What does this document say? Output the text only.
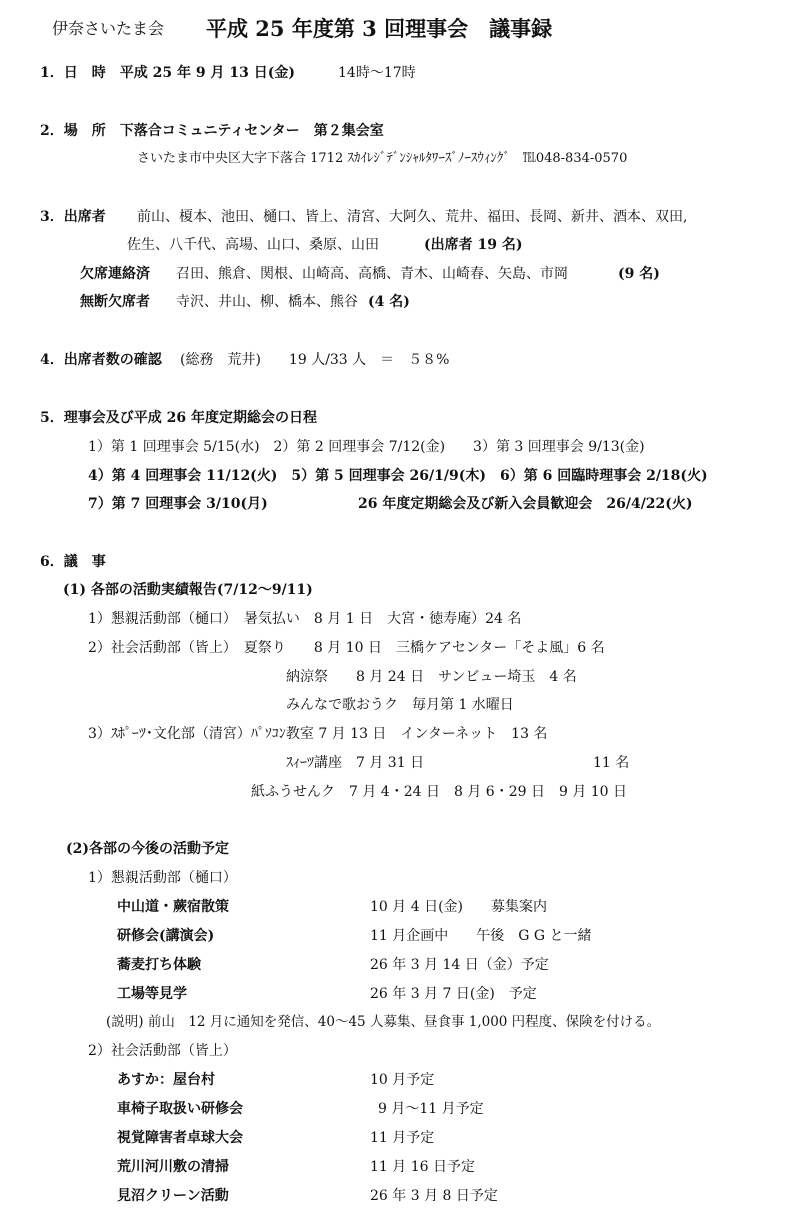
伊奈さいたま会 平成 25 年度第 3 回理事会　議事録
1．日　時　平成 25 年 9 月 13 日(金)	14時～17時
2．場　所　下落合コミュニティセンター　第２集会室
さいたま市中央区大字下落合 1712 ｽｶｲﾚｼﾞﾃﾞﾝｼｬﾙﾀﾜｰｽﾞﾉｰｽｳｨﾝｸﾞ　℡048-834-0570
3．出席者 前山、榎本、池田、樋口、皆上、清宮、大阿久、荒井、福田、長岡、新井、酒本、双田,
佐生、八千代、高場、山口、桑原、山田	(出席者 19 名)
欠席連絡済 召田、熊倉、関根、山崎高、高橋、青木、山崎春、矢島、市岡	(9 名)
無断欠席者 寺沢、井山、柳、橋本、熊谷 (4 名)
4．出席者数の確認 (総務　荒井)　　19 人/33 人　＝　５８%
5．理事会及び平成 26 年度定期総会の日程
1）第 1 回理事会 5/15(水)　2）第 2 回理事会 7/12(金)　　3）第 3 回理事会 9/13(金)
4）第 4 回理事会 11/12(火)　5）第 5 回理事会 26/1/9(木)　6）第 6 回臨時理事会 2/18(火)
7）第 7 回理事会 3/10(月)	26 年度定期総会及び新入会員歓迎会　26/4/22(火)
6．議　事
(1) 各部の活動実績報告(7/12～9/11)
1）懇親活動部（樋口）　暑気払い　8 月 1 日　大宮・徳寿庵）24 名
2）社会活動部（皆上）　夏祭り　　8 月 10 日　三橋ケアセンター「そよ風」6 名
納涼祭　　8 月 24 日　サンビュー埼玉　4 名
みんなで歌おうク　毎月第 1 水曜日
3）ｽﾎﾟｰﾂ･文化部（清宮）ﾊﾟｿｺﾝ教室 7 月 13 日　インターネット　13 名
ｽｨｰﾂ講座　7 月 31 日	11 名
紙ふうせんク　7 月 4・24 日　8 月 6・29 日　9 月 10 日
(2)各部の今後の活動予定
1）懇親活動部（樋口）
中山道・蕨宿散策	10 月 4 日(金)　　募集案内
研修会(講演会)	11 月企画中　　午後　G G と一緒
蕎麦打ち体験	26 年 3 月 14 日（金）予定
工場等見学	26 年 3 月 7 日(金)　予定
(説明) 前山　12 月に通知を発信、40～45 人募集、昼食事 1,000 円程度、保険を付ける。
2）社会活動部（皆上）
あすか：屋台村	10 月予定
車椅子取扱い研修会	9 月～11 月予定
視覚障害者卓球大会	11 月予定
荒川河川敷の清掃	11 月 16 日予定
見沼クリーン活動	26 年 3 月 8 日予定
